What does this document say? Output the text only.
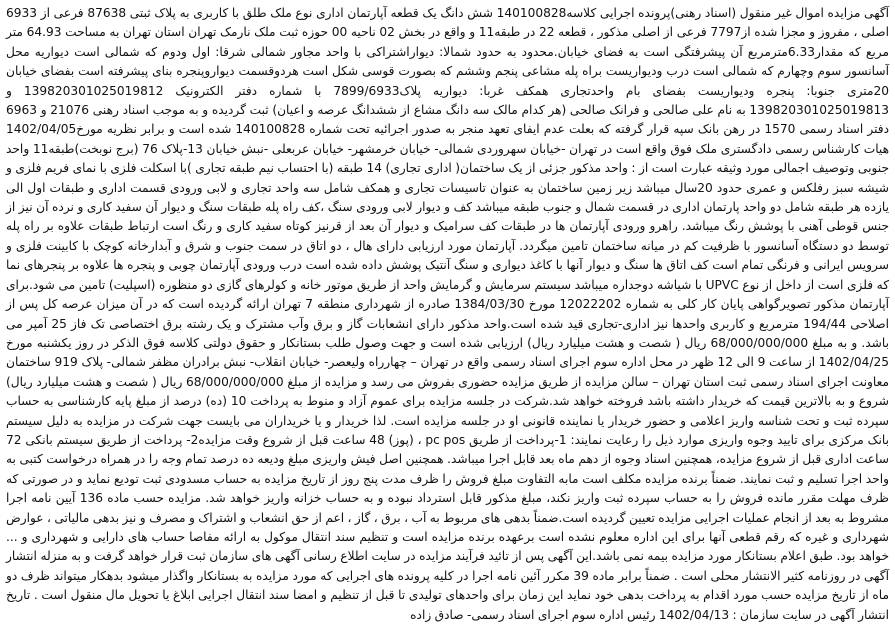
آگهی مزایده اموال غیر منقول (اسناد رهنی)پرونده اجرایی کلاسه140100828 شش دانگ یک قطعه آپارتمان اداری نوع ملک طلق با کاربری به پلاک ثبتی 87638 فرعی از 6933 اصلی ، مفروز و مجزا شده از7797 فرعی از اصلی مذکور ، قطعه 22 در طبقه11 و واقع در بخش 02 ناحیه 00 حوزه ثبت ملک نارمک تهران استان تهران به مساحت 64.93 متر مربع که مقدار6.33مترمربع آن پیشرفتگی است به فضای خیابان.محدود به حدود شمالا: دیواراشتراکی با واحد مجاور شمالی شرقا: اول ودوم که شمالی است دیواریه محل آسانسور سوم وچهارم که شمالی است درب ودیواریست براه پله مشاعی پنجم وششم که بصورت قوسی شکل است هردوقسمت دیواروپنجره بنای پیشرفته است بفضای خیابان 20متری جنوبا: پنجره ودیواریست بفضای بام واحدتجاری همکف غربا: دیواریه پلاک7899/6933 با شماره دفتر الکترونیک 139820301025019812 و 139820301025019813 به نام علی صالحی و فرانک صالحی (هر کدام مالک سه دانگ مشاع از ششدانگ عرصه و اعیان) ثبت گردیده و به موجب اسناد رهنی 21076 و 6963 دفتر اسناد رسمی 1570 در رهن بانک سپه قرار گرفته که بعلت عدم ایفای تعهد منجر به صدور اجرائیه تحت شماره 140100828 شده است و برابر نظریه مورخ1402/04/05 هیات کارشناس رسمی دادگستری ملک فوق واقع است در تهران -خیابان سهروردی شمالی- خیابان خرمشهر- خیابان عربعلی -نبش خیابان 13-پلاک 76 (برج نوبخت)طبقه11 واحد جنوبی وتوصیف اجمالی مورد وثیقه عبارت است از : واحد مذکور جزئی از یک ساختمان( اداری تجاری) 14 طبقه (با احتساب نیم طبقه تجاری )با اسکلت فلزی با نمای فریم فلزی و شیشه سبز رفلکس و عمری حدود 20سال میباشد زیر زمین ساختمان به عنوان تاسیسات تجاری و همکف شامل سه واحد تجاری و لابی ورودی قسمت اداری و طبقات اول الی یازده هر طبقه شامل دو واحد پارتمان اداری در قسمت شمال و جنوب طبقه میباشد کف و دیوار لابی ورودی سنگ ،کف راه پله طبقات سنگ و دیوار آن سفید کاری و نرده آن نیز از جنس قوطی آهنی با پوشش رنگ میباشد. راهرو ورودی آپارتمان ها در طبقات کف سرامیک و دیوار آن بعد از قرنیز کوتاه سفید کاری و رنگ است ارتباط طبقات علاوه بر راه پله توسط دو دستگاه آسانسور با ظرفیت کم در میانه ساختمان تامین میگردد. آپارتمان مورد ارزیابی دارای هال ، دو اتاق در سمت جنوب و شرق و آبدارخانه کوچک با کابینت فلزی و سرویس ایرانی و فرنگی تمام است کف اتاق ها سنگ و دیوار آنها با کاغذ دیواری و سنگ آنتیک پوشش داده شده است درب ورودی آپارتمان چوبی و پنجره ها علاوه بر پنجرهای نما که فلزی است از داخل از نوع UPVC با شیاشه دوجداره میباشد سیستم سرمایش و گرمایش واحد از طریق موتور خانه و کولرهای گازی دو منظوره (اسپلیت) تامین می شود.برای آپارتمان مذکور تصویرگواهی پایان کار کلی به شماره 12022202 مورخ 1384/03/30 صادره از شهرداری منطقه 7 تهران ارائه گردیده است که در آن میزان عرصه کل پس از اصلاحی 194/44 مترمربع و کاربری واحدها نیز اداری-تجاری قید شده است.واحد مذکور دارای انشعابات گاز و برق وآب مشترک و یک رشته برق اختصاصی تک فاز 25 آمپر می باشد. و به مبلغ 68/000/000/000 ریال ( شصت و هشت میلیارد ریال) ارزیابی شده است و جهت وصول طلب بستانکار و حقوق دولتی کلاسه فوق الذکر در روز یکشنبه مورخ 1402/04/25 از ساعت 9 الی 12 ظهر در محل اداره سوم اجرای اسناد رسمی واقع در تهران – چهارراه ولیعصر- خیابان انقلاب- نبش برادران مظفر شمالی- پلاک 919 ساختمان معاونت اجرای اسناد رسمی ثبت استان تهران – سالن مزایده از طریق مزایده حضوری بفروش می رسد و مزایده از مبلغ 68/000/000/000 ریال ( شصت و هشت میلیارد ریال) شروع و به بالاترین قیمت که خریدار داشته باشد فروخته خواهد شد.شرکت در جلسه مزایده برای عموم آزاد و منوط به پرداخت 10 (ده) درصد از مبلغ پایه کارشناسی به حساب سپرده ثبت و تحت شناسه واریز اعلامی و حضور خریدار یا نماینده قانونی او در جلسه مزایده است. لذا خریدار و یا خریداران می بایست جهت شرکت در مزایده به دلیل سیستم بانک مرکزی برای تایید وجوه واریزی موارد ذیل را رعایت نمایند: 1-پرداخت از طریق pc pos ، (پوز) 48 ساعت قبل از شروع وقت مزایده2- پرداخت از طریق سیستم بانکی 72 ساعت اداری قبل از شروع مزایده، همچنین اسناد وجوه از دهم ماه بعد قابل اجرا میباشد. همچنین اصل فیش واریزی مبلغ ودیعه ده درصد تمام وجه را در همراه درخواست کتبی به واحد اجرا تسلیم و ثبت نمایند. ضمناً برنده مزایده مکلف است مابه التفاوت مبلغ فروش را ظرف مدت پنج روز از تاریخ مزایده به حساب مسدودی ثبت تودیع نماید و در صورتی که ظرف مهلت مقرر مانده فروش را به حساب سپرده ثبت واریز نکند، مبلغ مذکور قابل استرداد نبوده و به حساب خزانه واریز خواهد شد. مزایده حسب ماده 136 آیین نامه اجرا مشروط به بعد از انجام عملیات اجرایی مزایده تعیین گردیده است.ضمناً بدهی های مربوط به آب ، برق ، گاز ، اعم از حق انشعاب و اشتراک و مصرف و نیز بدهی مالیاتی ، عوارض شهرداری و غیره که رقم قطعی آنها برای این اداره معلوم نشده است برعهده برنده مزایده است و تنظیم سند انتقال موکول به ارائه مفاصا حساب های دارایی و شهرداری و ... خواهد بود. طبق اعلام بستانکار مورد مزایده بیمه نمی باشد.این آگهی پس از تائید فرآیند مزایده در سایت اطلاع رسانی آگهی های سازمان ثبت قرار خواهد گرفت و به منزله انتشار آگهی در روزنامه کثیر الانتشار محلی است . ضمناً برابر ماده 39 مکرر آئین نامه اجرا در کلیه پرونده های اجرایی که مورد مزایده به بستانکار واگذار میشود بدهکار میتواند ظرف دو ماه از تاریخ مزایده حسب مورد اقدام به پرداخت بدهی خود نماید این زمان برای واحدهای تولیدی تا قبل از تنظیم و امضا سند انتقال اجرایی ابلاغ یا تحویل مال منقول است . تاریخ انتشار آگهی در سایت سازمان : 1402/04/13 رئیس اداره سوم اجرای اسناد رسمی- صادق زاده
